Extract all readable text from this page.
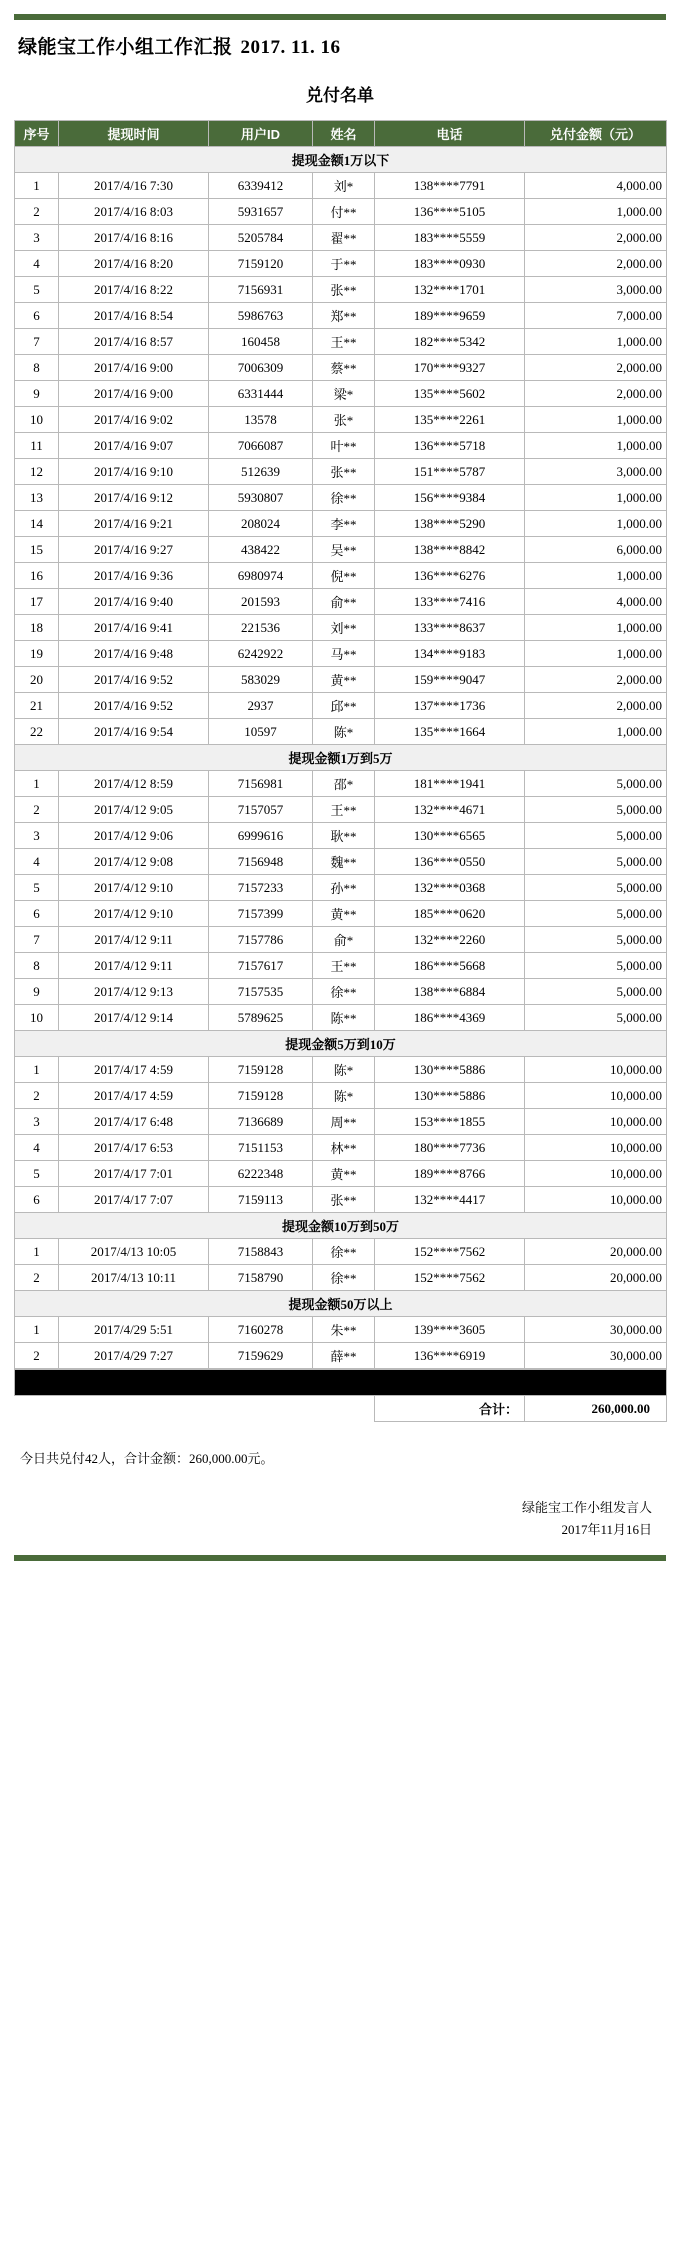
绿能宝工作小组工作汇报 2017. 11. 16
兑付名单
序号	提现时间	用户ID	姓名	电话	兑付金额（元）
提现金额1万以下					
1	2017/4/16 7:30	6339412	刘*	138****7791	4,000.00
2	2017/4/16 8:03	5931657	付**	136****5105	1,000.00
3	2017/4/16 8:16	5205784	翟**	183****5559	2,000.00
4	2017/4/16 8:20	7159120	于**	183****0930	2,000.00
5	2017/4/16 8:22	7156931	张**	132****1701	3,000.00
6	2017/4/16 8:54	5986763	郑**	189****9659	7,000.00
7	2017/4/16 8:57	160458	王**	182****5342	1,000.00
8	2017/4/16 9:00	7006309	蔡**	170****9327	2,000.00
9	2017/4/16 9:00	6331444	梁*	135****5602	2,000.00
10	2017/4/16 9:02	13578	张*	135****2261	1,000.00
11	2017/4/16 9:07	7066087	叶**	136****5718	1,000.00
12	2017/4/16 9:10	512639	张**	151****5787	3,000.00
13	2017/4/16 9:12	5930807	徐**	156****9384	1,000.00
14	2017/4/16 9:21	208024	李**	138****5290	1,000.00
15	2017/4/16 9:27	438422	吴**	138****8842	6,000.00
16	2017/4/16 9:36	6980974	倪**	136****6276	1,000.00
17	2017/4/16 9:40	201593	俞**	133****7416	4,000.00
18	2017/4/16 9:41	221536	刘**	133****8637	1,000.00
19	2017/4/16 9:48	6242922	马**	134****9183	1,000.00
20	2017/4/16 9:52	583029	黄**	159****9047	2,000.00
21	2017/4/16 9:52	2937	邱**	137****1736	2,000.00
22	2017/4/16 9:54	10597	陈*	135****1664	1,000.00
提现金额1万到5万					
1	2017/4/12 8:59	7156981	邵*	181****1941	5,000.00
2	2017/4/12 9:05	7157057	王**	132****4671	5,000.00
3	2017/4/12 9:06	6999616	耿**	130****6565	5,000.00
4	2017/4/12 9:08	7156948	魏**	136****0550	5,000.00
5	2017/4/12 9:10	7157233	孙**	132****0368	5,000.00
6	2017/4/12 9:10	7157399	黄**	185****0620	5,000.00
7	2017/4/12 9:11	7157786	俞*	132****2260	5,000.00
8	2017/4/12 9:11	7157617	王**	186****5668	5,000.00
9	2017/4/12 9:13	7157535	徐**	138****6884	5,000.00
10	2017/4/12 9:14	5789625	陈**	186****4369	5,000.00
提现金额5万到10万					
1	2017/4/17 4:59	7159128	陈*	130****5886	10,000.00
2	2017/4/17 4:59	7159128	陈*	130****5886	10,000.00
3	2017/4/17 6:48	7136689	周**	153****1855	10,000.00
4	2017/4/17 6:53	7151153	林**	180****7736	10,000.00
5	2017/4/17 7:01	6222348	黄**	189****8766	10,000.00
6	2017/4/17 7:07	7159113	张**	132****4417	10,000.00
提现金额10万到50万					
1	2017/4/13 10:05	7158843	徐**	152****7562	20,000.00
2	2017/4/13 10:11	7158790	徐**	152****7562	20,000.00
提现金额50万以上					
1	2017/4/29 5:51	7160278	朱**	139****3605	30,000.00
2	2017/4/29 7:27	7159629	薛**	136****6919	30,000.00

	合计：	260,000.00
今日共兑付42人，合计金额：260,000.00元。
绿能宝工作小组发言人
2017年11月16日
